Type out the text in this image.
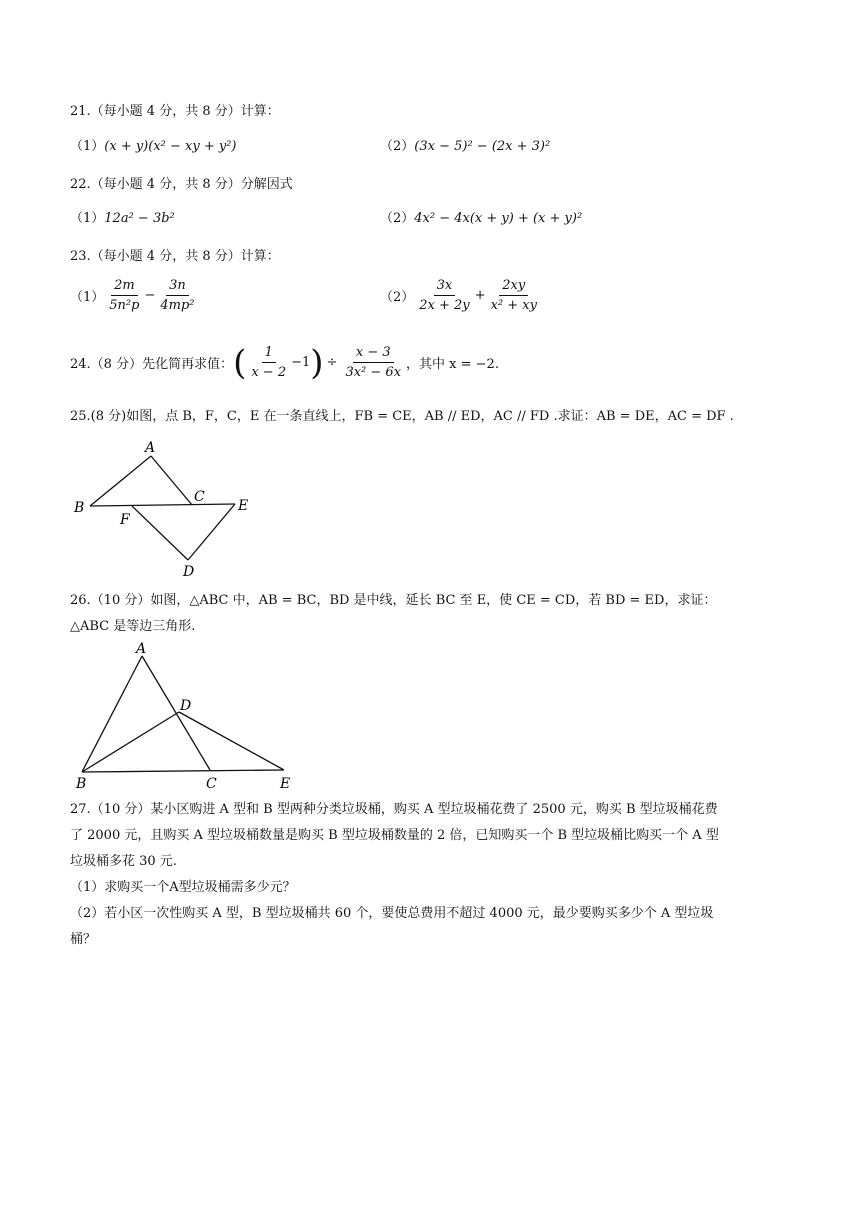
21.（每小题 4 分，共 8 分）计算：
（1）(x + y)(x² − xy + y²)	（2）(3x − 5)² − (2x + 3)²
22.（每小题 4 分，共 8 分）分解因式
（1）12a² − 3b²	（2）4x² − 4x(x + y) + (x + y)²
23.（每小题 4 分，共 8 分）计算：
$(1) \frac{2m}{\text{5n²p}} - \frac{3n}{\text{4mp²}}$	$(2) \frac{3x}{2x + 2y} + \frac{2xy}{\text{x² + xy}}$
24.（8 分）先化简再求值： ( $\frac{1}{x - 2} -1$ ) ÷ $\frac{x - 3}{\text{3x² − 6x}}$ ，其中 x = −2.
25.(8 分)如图，点 B，F，C，E 在一条直线上，FB = CE，AB // ED，AC // FD .求证：AB = DE，AC = DF .
A
B
F
C
E
D
26.（10 分）如图，△ABC 中，AB = BC，BD 是中线，延长 BC 至 E，使 CE = CD，若 BD = ED，求证：
△ABC 是等边三角形.
A
D
B	C	E
27.（10 分）某小区购进 A 型和 B 型两种分类垃圾桶，购买 A 型垃圾桶花费了 2500 元，购买 B 型垃圾桶花费
了 2000 元，且购买 A 型垃圾桶数量是购买 B 型垃圾桶数量的 2 倍，已知购买一个 B 型垃圾桶比购买一个 A 型
垃圾桶多花 30 元.
（1）求购买一个A型垃圾桶需多少元？
（2）若小区一次性购买 A 型，B 型垃圾桶共 60 个，要使总费用不超过 4000 元，最少要购买多少个 A 型垃圾
桶？
